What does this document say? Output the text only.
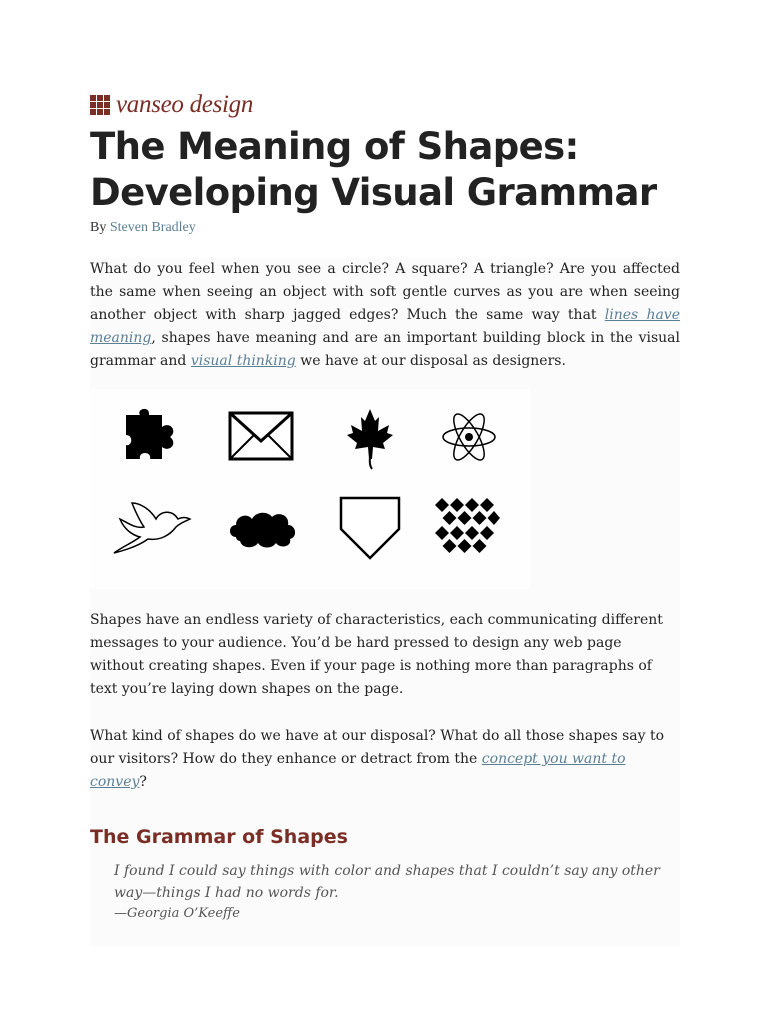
vanseo design
The Meaning of Shapes:
Developing Visual Grammar
By Steven Bradley

What do you feel when you see a circle? A square? A triangle? Are you affected the same when seeing an object with soft gentle curves as you are when seeing another object with sharp jagged edges? Much the same way that lines have meaning, shapes have meaning and are an important building block in the visual grammar and visual thinking we have at our disposal as designers.

Shapes have an endless variety of characteristics, each communicating different messages to your audience. You’d be hard pressed to design any web page without creating shapes. Even if your page is nothing more than paragraphs of text you’re laying down shapes on the page.

What kind of shapes do we have at our disposal? What do all those shapes say to our visitors? How do they enhance or detract from the concept you want to convey?

The Grammar of Shapes
I found I could say things with color and shapes that I couldn’t say any other
way—things I had no words for.
—Georgia O’Keeffe
